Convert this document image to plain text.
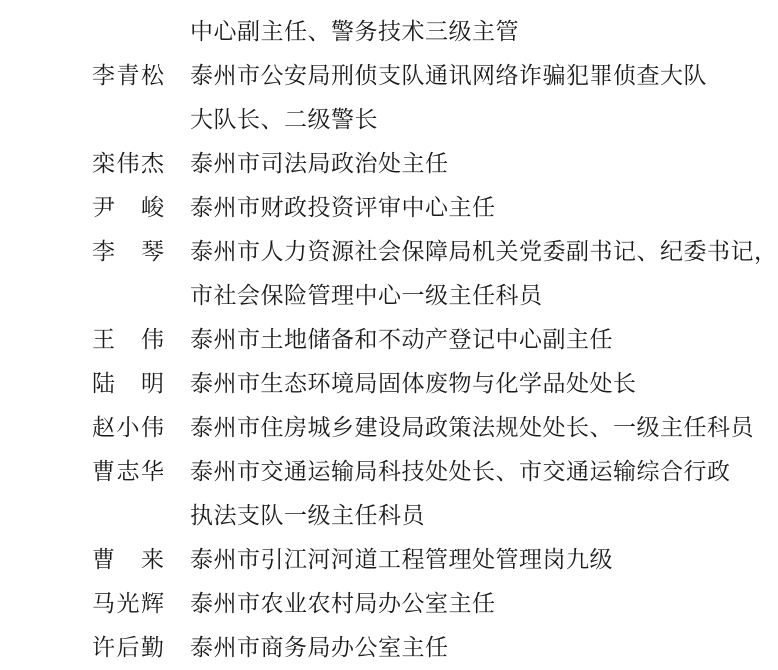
中心副主任、警务技术三级主管
李青松 泰州市公安局刑侦支队通讯网络诈骗犯罪侦查大队
大队长、二级警长
栾伟杰 泰州市司法局政治处主任
尹　峻 泰州市财政投资评审中心主任
李　琴 泰州市人力资源社会保障局机关党委副书记、纪委书记，
市社会保险管理中心一级主任科员
王　伟 泰州市土地储备和不动产登记中心副主任
陆　明 泰州市生态环境局固体废物与化学品处处长
赵小伟 泰州市住房城乡建设局政策法规处处长、一级主任科员
曹志华 泰州市交通运输局科技处处长、市交通运输综合行政
执法支队一级主任科员
曹　来 泰州市引江河河道工程管理处管理岗九级
马光辉 泰州市农业农村局办公室主任
许后勤 泰州市商务局办公室主任
